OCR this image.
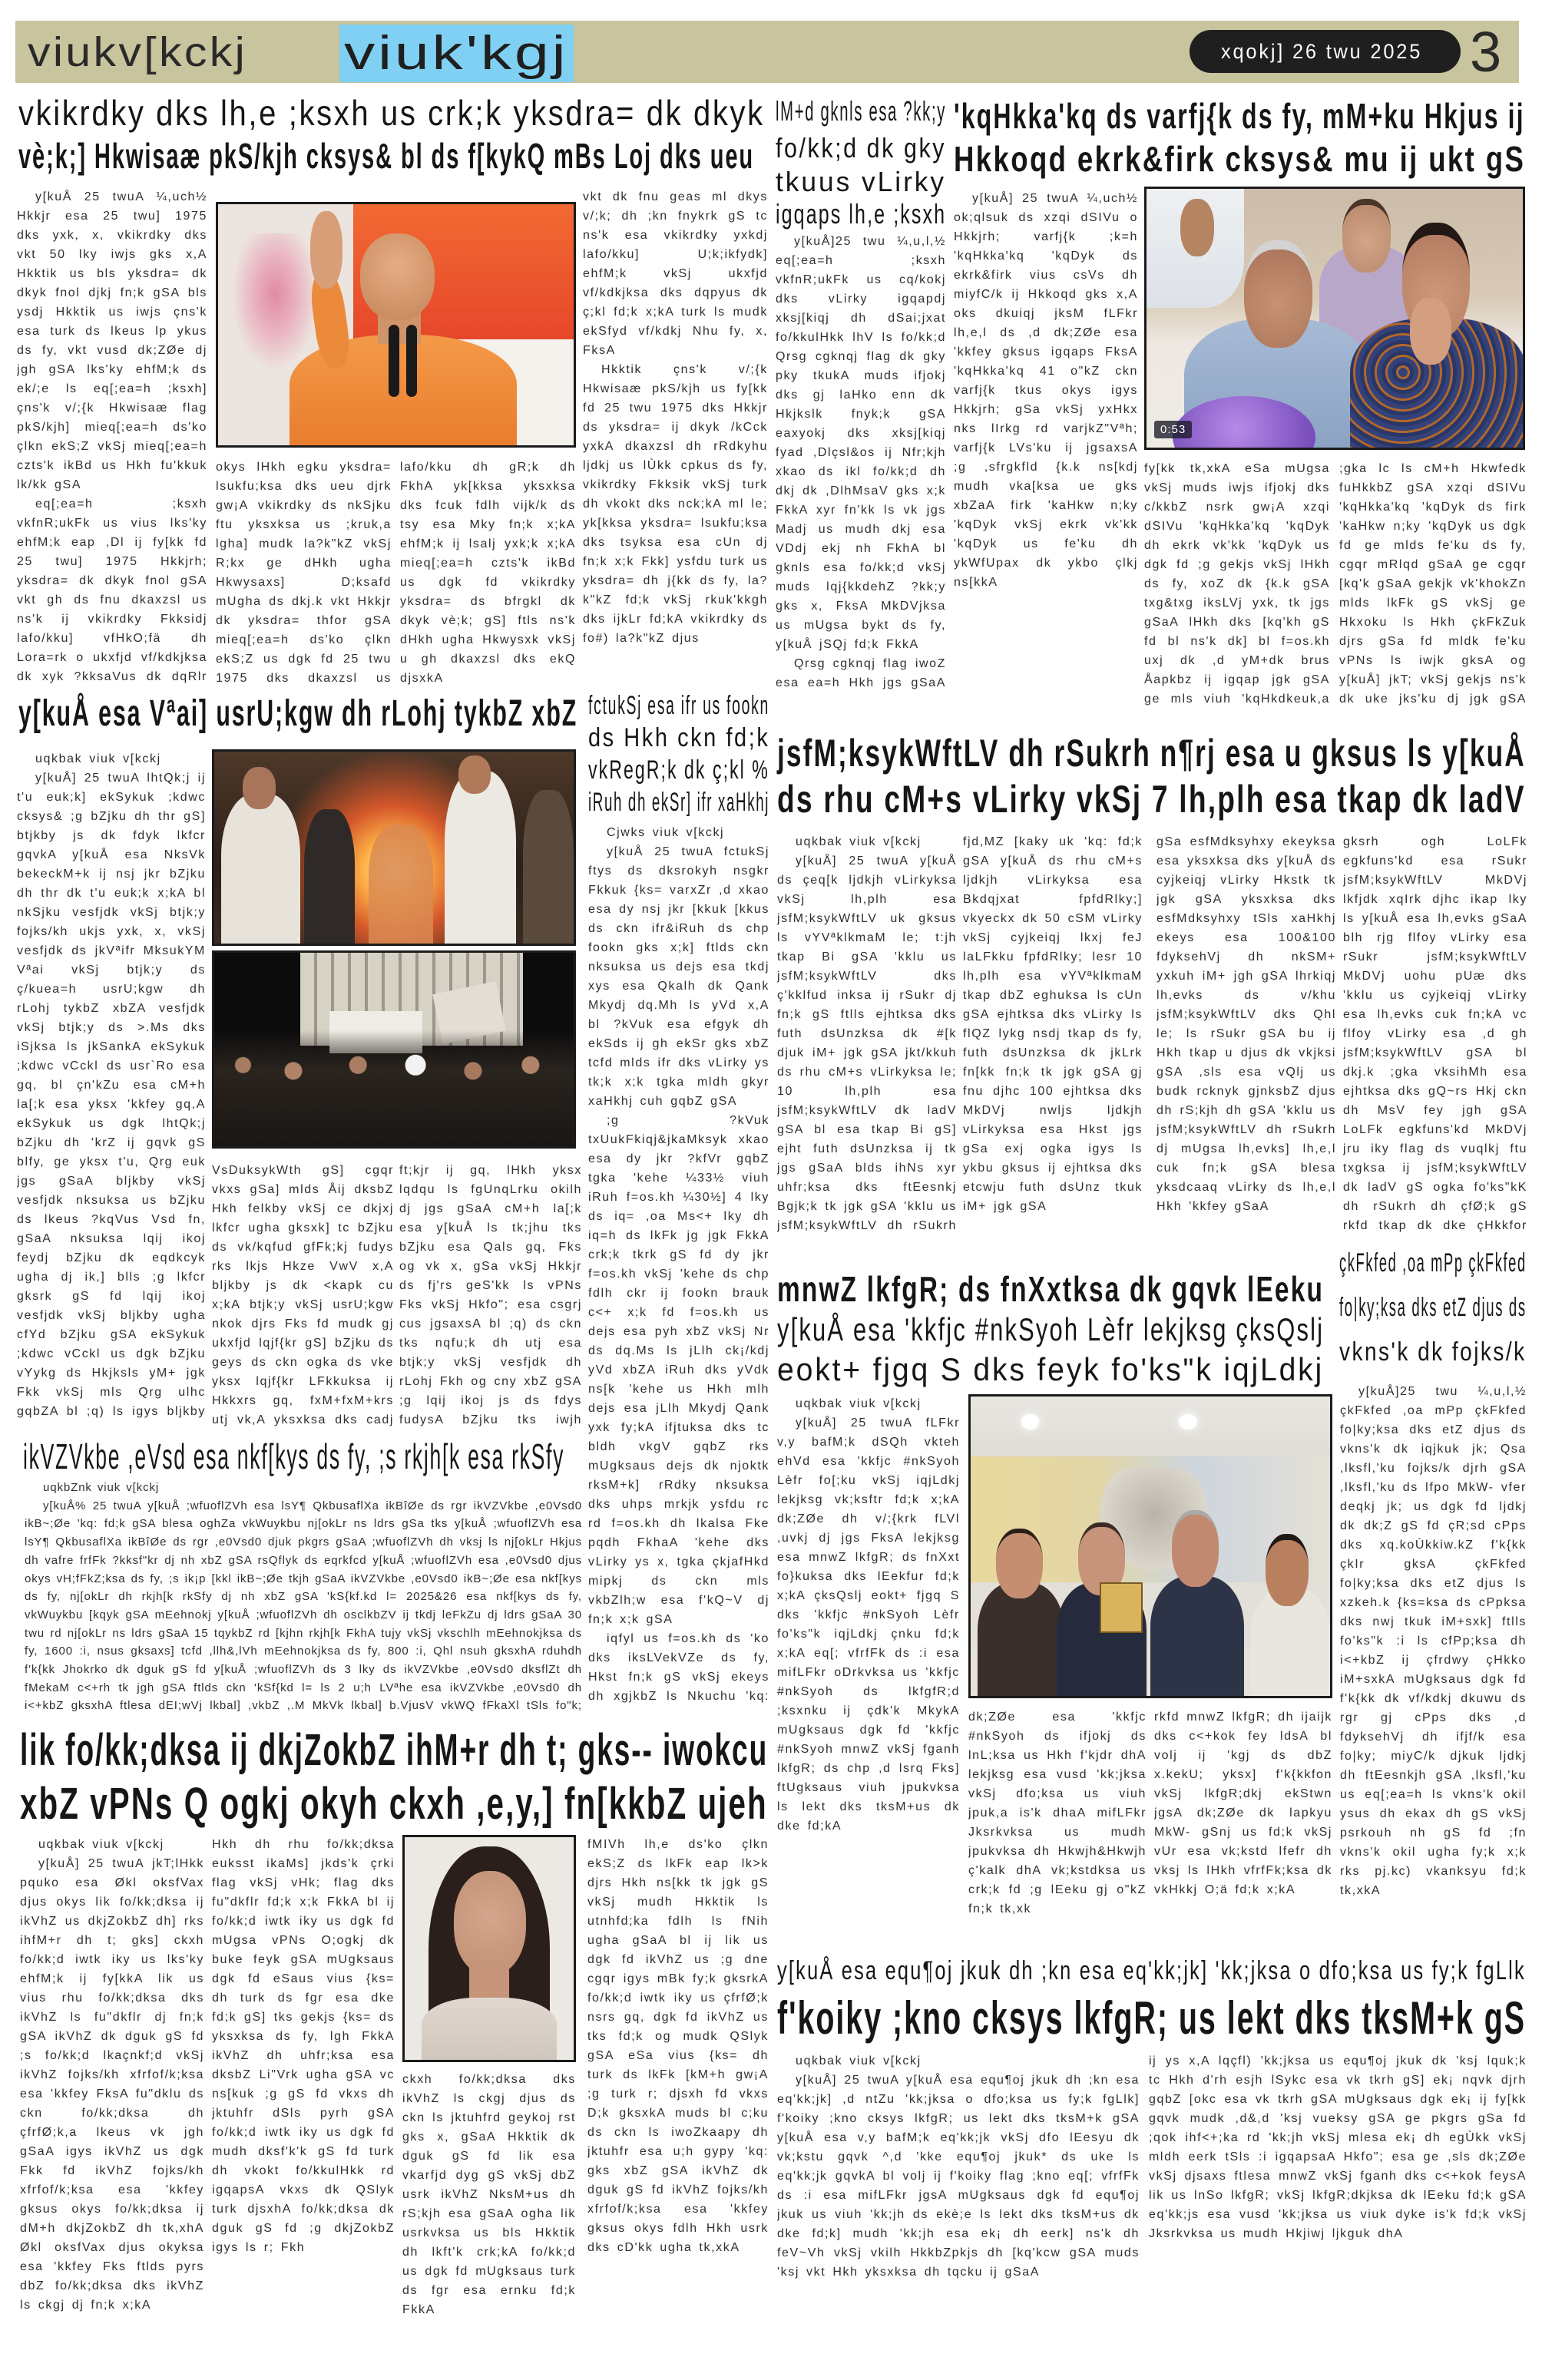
viukv[kckj viuk'kgj	xqokj] 26 twu 2025 3
vkikrdky dks lh,e ;ksxh us crk;k yksdra= dk dkyk
vè;k;] Hkwisaæ pkS/kjh cksys& bl ds f[kykQ mBs Loj dks ueu

y[kuÅ 25 twuA ¼,uch½ Hkkjr esa 25 twu] 1975 dks yxk, x, vkikrdky dks vkt 50 lky iwjs gks x,A Hkktik us bls yksdra= dk dkyk fnol djkj fn;k gSA bls ysdj Hkktik us iwjs çns'k esa turk ds lkeus lp ykus ds fy, vkt vusd dk;ZØe dj jgh gSA lks'ky ehfM;k ds ek/;e ls eq[;ea=h ;ksxh] çns'k v/;{k Hkwisaæ flag pkS/kjh] mieq[;ea=h ds'ko çlkn ekS;Z vkSj mieq[;ea=h czts'k ikBd us Hkh fu'kkuk lk/kk gSA

eq[;ea=h ;ksxh vkfnR;ukFk us vius lks'ky ehfM;k eap ,Dl ij fy[kk fd 25 twu] 1975 Hkkjrh; yksdra= dk dkyk fnol gSA vkt gh ds fnu dkaxzsl us ns'k ij vkikrdky Fkksidj lafo/kku] vfHkO;fä dh Lora=rk o ukxfjd vf/kdkjksa dk xyk ?kksaVus dk dqRlr

okys lHkh egku yksdra= lsukfu;ksa dks ueu djrk gw¡A vkikrdky ds nkSjku ftu yksxksa us ;kruk,a lgha] mudk la?k"kZ vkSj R;kx ge dHkh ugha Hkwysaxs] D;ksafd mUgha ds dkj.k vkt Hkkjr dk yksdra= thfor gSA mieq[;ea=h ds'ko çlkn ekS;Z us dgk fd 25 twu 1975 dks dkaxzsl us

lafo/kku dh gR;k dh FkhA yk[kksa yksxksa dks fcuk fdlh vijk/k ds tsy esa Mky fn;k x;kA ehfM;k ij lsalj yxk;k x;kA mieq[;ea=h czts'k ikBd us dgk fd vkikrdky yksdra= ds bfrgkl dk dkyk vè;k; gS] ftls ns'k dHkh ugha Hkwysxk vkSj u gh dkaxzsl dks ekQ djsxkA

vkt dk fnu geas ml dkys v/;k; dh ;kn fnykrk gS tc ns'k esa vkikrdky yxkdj lafo/kku] U;k;ikfydk] ehfM;k vkSj ukxfjd vf/kdkjksa dks dqpyus dk ç;kl fd;k x;kA turk ls mudk ekSfyd vf/kdkj Nhu fy, x, FksA

Hkktik çns'k v/;{k Hkwisaæ pkS/kjh us fy[kk fd 25 twu 1975 dks Hkkjr ds yksdra= ij dkyk /kCck yxkA dkaxzsl dh rRdkyhu ljdkj us lÙkk cpkus ds fy, vkikrdky Fkksik vkSj turk dh vkokt dks nck;kA ml le; yk[kksa yksdra= lsukfu;ksa dks tsyksa esa cUn dj fn;k x;k Fkk] ysfdu turk us yksdra= dh j{kk ds fy, la?k"kZ fd;k vkSj rkuk'kkgh dks ijkLr fd;kA vkikrdky ds fo#) la?k"kZ djus

lM+d gknls esa ?kk;y
fo/kk;d dk gky
tkuus vLirky
igqaps lh,e ;ksxh

y[kuÅ]25 twu ¼,u,l,½ eq[;ea=h ;ksxh vkfnR;ukFk us cq/kokj dks vLirky igqapdj xksj[kiqj dh dSai;jxat fo/kkulHkk lhV ls fo/kk;d Qrsg cgknqj flag dk gky pky tkukA muds ifjokj dks gj laHko enn dk Hkjkslk fnyk;k gSA eaxyokj dks xksj[kiqj fyad ,Dlçsl&os ij Nfr;kjh xkao ds ikl fo/kk;d dh dkj dk ,DlhMsaV gks x;k FkkA xyr fn'kk ls vk jgs Madj us mudh dkj esa VDdj ekj nh FkhA bl gknls esa fo/kk;d vkSj muds lqj{kkdehZ ?kk;y gks x, FksA MkDVjksa us mUgsa bykt ds fy, y[kuÅ jSQj fd;k FkkA

Qrsg cgknqj flag iwoZ esa ea=h Hkh jgs gSaA

'kqHkka'kq ds varfj{k ds fy, mM+ku Hkjus ij
Hkkoqd ekrk&firk cksys& mu ij ukt gS

y[kuÅ] 25 twuA ¼,uch½ ok;qlsuk ds xzqi dSIVu o Hkkjrh; varfj{k ;k=h 'kqHkka'kq 'kqDyk ds ekrk&firk vius csVs dh miyfC/k ij Hkkoqd gks x,A oks dkuiqj jksM fLFkr lh,e,l ds ,d dk;ZØe esa 'kkfey gksus igqaps FksA 'kqHkka'kq 41 o"kZ ckn varfj{k tkus okys igys Hkkjrh; gSa vkSj yxHkx nks lIrkg rd varjkZ"Vªh; varfj{k LVs'ku ij jgsaxsA ;g ,sfrgkfld {k.k ns[kdj mudh vka[ksa ue gks xbZaA firk 'kaHkw n;ky 'kqDyk vkSj ekrk vk'kk 'kqDyk us fe'ku dh ykWfUpax dk ykbo çlkj ns[kkA

0:53

fy[kk tk,xkA eSa mUgsa vkSj muds iwjs ifjokj dks c/kkbZ nsrk gw¡A xzqi dSIVu 'kqHkka'kq 'kqDyk dh ekrk vk'kk 'kqDyk us dgk fd ;g gekjs vkSj lHkh ds fy, xoZ dk {k.k gSA txg&txg iksLVj yxk, tk jgs gSaA lHkh dks [kq'kh gS fd bl ns'k dk] bl f=os.kh uxj dk ,d yM+dk brus Åapkbz ij igqap jgk gSA ge mls viuh 'kqHkdkeuk,a

;gka lc ls cM+h Hkwfedk fuHkkbZ gSA xzqi dSIVu 'kqHkka'kq 'kqDyk ds firk 'kaHkw n;ky 'kqDyk us dgk fd ge mlds fe'ku ds fy, cgqr mRlqd gSaA ge cgqr [kq'k gSaA gekjk vk'khokZn mlds lkFk gS vkSj ge Hkxoku ls Hkh çkFkZuk djrs gSa fd mldk fe'ku vPNs ls iwjk gksA og y[kuÅ] jkT; vkSj gekjs ns'k dk uke jks'ku dj jgk gSA

y[kuÅ esa Vªai] usrU;kgw dh rLohj tykbZ xbZ

uqkbak viuk v[kckj

y[kuÅ] 25 twuA lhtQk;j ij t'u euk;k] ekSykuk ;kdwc cksys& ;g bZjku dh thr gS] btjkby js dk fdyk lkfcr gqvkA y[kuÅ esa NksVk bekeckM+k ij nsj jkr bZjku dh thr dk t'u euk;k x;kA bl nkSjku vesfjdk vkSj btjk;y fojks/kh ukjs yxk, x, vkSj vesfjdk ds jkVªifr MksukYM Vªai vkSj btjk;y ds ç/kuea=h usrU;kgw dh rLohj tykbZ xbZA vesfjdk vkSj btjk;y ds >.Ms dks iSjksa ls jkSankA ekSykuk ;kdwc vCckl ds usr`Ro esa gq, bl çn'kZu esa cM+h la[;k esa yksx 'kkfey gq,A ekSykuk us dgk lhtQk;j bZjku dh 'krZ ij gqvk gS blfy, ge yksx t'u, Qrg euk jgs gSaA bljkby vkSj vesfjdk nksuksa us bZjku ds lkeus ?kqVus Vsd fn, gSaA nksuksa lqij ikoj feydj bZjku dk eqdkcyk ugha dj ik,] blls ;g lkfcr gksrk gS fd lqij ikoj vesfjdk vkSj bljkby ugha cfYd bZjku gSA ekSykuk ;kdwc vCckl us dgk bZjku vYykg ds Hkjksls yM+ jgk Fkk vkSj mls Qrg ulhc gqbZA bl ;q) ls igys bljkby

VsDuksykWth gS] cgqr vkxs gSa] mlds Åij dksbZ Hkh felkby vkSj ce dkjxj lkfcr ugha gksxk] tc bZjku ds vk/kqfud gfFk;kj fudys rks lkjs Hkze VwV x,A bljkby js dk <kapk cu x;kA btjk;y vkSj usrU;kgw nkok djrs Fks fd mudk gj ukxfjd lqjf{kr gS] bZjku ds geys ds ckn ogka ds vke yksx lqjf{kr LFkkuksa ij Hkkxrs gq, fxM+fxM+krs utj vk,A yksxksa dks cadj

ft;kjr ij gq, lHkh yksx lqdqu ls fgUnqLrku okilh dj jgs gSaA cM+h la[;k esa y[kuÅ ls tk;jhu tks bZjku esa Qals gq, Fks og vk x, gSa vkSj Hkkjr ds fj'rs geS'kk ls vPNs Fks vkSj Hkfo"; esa csgrj cus jgsaxsA bl ;q) ds ckn tks nqfu;k dh utj esa btjk;y vkSj vesfjdk dh rLohj Fkh og cny xbZ gSA ;g lqij ikoj js ds fdys fudysA bZjku tks iwjh

fctukSj esa ifr us fookn
ds Hkh ckn fd;k
vkRegR;k dk ç;kl %
iRuh dh ekSr] ifr xaHkhj

Cjwks viuk v[kckj

y[kuÅ 25 twuA fctukSj ftys ds dksrokyh nsgkr Fkkuk {ks= varxZr ,d xkao esa dy nsj jkr [kkuk [kkus ds ckn ifr&iRuh ds chp fookn gks x;k] ftlds ckn nksuksa us dejs esa tkdj xys esa Qkalh dk Qank Mkydj dq.Mh ls yVd x,A bl ?kVuk esa efgyk dh ekSds ij gh ekSr gks xbZ tcfd mlds ifr dks vLirky ys tk;k x;k tgka mldh gkyr xaHkhj cuh gqbZ gSA

;g ?kVuk txUukFkiqj&jkaMksyk xkao esa dy jkr ?kfVr gqbZ tgka 'kehe ¼33½ viuh iRuh f=os.kh ¼30½] 4 lky ds iq= ,oa Ms<+ lky dh iq=h ds lkFk jg jgk FkkA crk;k tkrk gS fd dy jkr f=os.kh vkSj 'kehe ds chp fdlh ckr ij fookn brauk c<+ x;k fd f=os.kh us dejs esa pyh xbZ vkSj Nr ds dq.Ms ls jLlh ck¡/kdj yVd xbZA iRuh dks yVdk ns[k 'kehe us Hkh mlh dejs esa jLlh Mkydj Qank yxk fy;kA ifjtuksa dks tc bldh vkgV gqbZ rks mUgksaus dejs dk njoktk rksM+k] rRdky nksuksa dks uhps mrkjk ysfdu rc rd f=os.kh dh lkalsa Fke pqdh FkhaA 'kehe dks vLirky ys x, tgka çkjafHkd mipkj ds ckn mls vkbZlh;w esa f'kQ~V dj fn;k x;k gSA

iqfyl us f=os.kh ds 'ko dks iksLVekVZe ds fy, Hkst fn;k gS vkSj ekeys dh xgjkbZ ls Nkuchu 'kq:

jsfM;ksykWftLV dh rSukrh n¶rj esa u gksus ls y[kuÅ
ds rhu cM+s vLirky vkSj 7 lh,plh esa tkap dk ladV

uqkbak viuk v[kckj

y[kuÅ] 25 twuA y[kuÅ ds çeq[k ljdkjh vLirkyksa vkSj lh,plh esa jsfM;ksykWftLV uk gksus ls vYVªklkmaM le; t:jh tkap Bi gSA 'kklu us jsfM;ksykWftLV dks ç'kklfud inksa ij rSukr dj fn;k gS ftlls ejhtksa dks futh dsUnzksa dk #[k djuk iM+ jgk gSA jkt/kkuh ds rhu cM+s vLirkyksa le; 10 lh,plh esa jsfM;ksykWftLV dk ladV gSA bl esa tkap Bi gS] ejht futh dsUnzksa ij tk jgs gSaA blds ihNs xyr uhfr;ksa dks ftEesnkj Bgjk;k tk jgk gSA 'kklu us jsfM;ksykWftLV dh rSukrh

fjd,MZ [kaky uk 'kq: fd;k gSA y[kuÅ ds rhu cM+s ljdkjh vLirkyksa esa Bkdqjxat fpfdRlky;] vkyeckx dk 50 cSM vLirky vkSj cyjkeiqj lkxj feJ laLFkku fpfdRlky; lesr 10 lh,plh esa vYVªklkmaM tkap dbZ eghuksa ls cUn gSA ejhtksa dks vLirky ls flQZ lykg nsdj tkap ds fy, futh dsUnzksa dk jkLrk fn[kk fn;k tk jgk gSA gj fnu djhc 100 ejhtksa dks MkDVj nwljs ljdkjh vLirkyksa esa Hkst jgs gSa exj ogka igys ls ykbu gksus ij ejhtksa dks etcwju futh dsUnz tkuk iM+ jgk gSA

gSa esfMdksyhxy ekeyksa esa yksxksa dks y[kuÅ ds cyjkeiqj vLirky Hkstk tk jgk gSA yksxksa dks esfMdksyhxy tSls xaHkhj ekeys esa 100&100 fdyksehVj dh nkSM+ yxkuh iM+ jgh gSA lhrkiqj lh,evks ds v/khu jsfM;ksykWftLV dks Qhl le; ls rSukr gSA bu ij Hkh tkap u djus dk vkjksi gSA ,sls esa vQlj us budk rcknyk gjnksbZ djus dh rS;kjh dh gSA 'kklu us jsfM;ksykWftLV dh rSukrh dj mUgsa lh,evks] lh,e,l cuk fn;k gSA blesa yksdcaaq vLirky ds lh,e,l Hkh 'kkfey gSaA

gksrh ogh LoLFk egkfuns'kd esa rSukr jsfM;ksykWftLV MkDVj lkfjdk xqIrk djhc ikap lky ls y[kuÅ esa lh,evks gSaA blh rjg flfoy vLirky esa rSukr jsfM;ksykWftLV MkDVj uohu pUæ dks 'kklu us cyjkeiqj vLirky esa lh,evks cuk fn;kA vc flfoy vLirky esa ,d gh jsfM;ksykWftLV gSA bl dkj.k ;gka vksihMh esa ejhtksa dks gQ~rs Hkj ckn dh MsV fey jgh gSA LoLFk egkfuns'kd MkDVj jru iky flag ds vuqlkj ftu txgksa ij jsfM;ksykWftLV dk ladV gS ogka fo'ks"kK dh rSukrh dh çfØ;k gS rkfd tkap dk dke çHkkfor

ikVZVkbe ,eVsd esa nkf[kys ds fy, ;s rkjh[k esa rkSfy

uqkbZnk viuk v[kckj

y[kuÅ% 25 twuA y[kuÅ ;wfuoflZVh esa lsY¶ QkbusaflXa ikBîØe ds rgr ikVZVkbe ,e0Vsd0 ikB~;Øe 'kq: fd;k gSA blesa oghZa vkWuykbu nj[okLr ns ldrs gSa tks y[kuÅ ;wfuoflZVh esa lsY¶ QkbusaflXa ikBîØe ds rgr ,e0Vsd0 djuk pkgrs gSaA ;wfuoflZVh dh vksj ls nj[okLr Hkjus dh vafre frfFk ?kksf"kr dj nh xbZ gSA rsQflyk ds eqrkfcd y[kuÅ ;wfuoflZVh esa ,e0Vsd0 djus okys vH;fFkZ;ksa ds fy, ;s ik¡p [kkl ikB~;Øe tkjh gSaA ikVZVkbe ,e0Vsd0 ikB~;Øe esa nkf[kys ds fy, nj[okLr dh rkjh[k rkSfy dj nh xbZ gSA 'kS{kf.kd l= 2025&26 esa nkf[kys ds fy, vkWuykbu [kqyk gSA mEehnokj y[kuÅ ;wfuoflZVh dh osclkbZV ij tkdj leFkZu dj ldrs gSaA 30 twu rd nj[okLr ns ldrs gSaA 15 tqykbZ rd [kjhn rkjh[k FkhA tujy vkSj vkschlh mEehnokjksa ds fy, 1600 :i, nsus gksaxs] tcfd ,llh&,lVh mEehnokjksa ds fy, 800 :i, Qhl nsuh gksxhA rduhdh f'k{kk Jhokrko dk dguk gS fd y[kuÅ ;wfuoflZVh ds 3 lky ds ikVZVkbe ,e0Vsd0 dksflZt dh fMekaM c<+rh tk jgh gSA ftlds ckn 'kSf{kd l= ls 2 u;h LVªhe esa ikVZVkbe ,e0Vsd0 dh i<+kbZ gksxhA ftlesa dEI;wVj lkbal] ,vkbZ ,.M MkVk lkbal] b.VjusV vkWQ fFkaXl tSls fo"k;

mnwZ lkfgR; ds fnXxtksa dk gqvk lEeku
y[kuÅ esa 'kkfjc #nkSyoh Lèfr lekjksg çksQslj
eokt+ fjgq S dks feyk fo'ks"k iqjLdkj

uqkbak viuk v[kckj

y[kuÅ] 25 twuA fLFkr v,y bafM;k dSQh vkteh ehVd esa 'kkfjc #nkSyoh Lèfr fo[;ku vkSj iqjLdkj lekjksg vk;ksftr fd;k x;kA dk;ZØe dh v/;{krk fLVl ,uvkj dj jgs FksA lekjksg esa mnwZ lkfgR; ds fnXxt fo}kuksa dks lEekfur fd;k x;kA çksQslj eokt+ fjgq S dks 'kkfjc #nkSyoh Lèfr fo'ks"k iqjLdkj çnku fd;k x;kA eq[; vfrfFk ds :i esa mifLFkr oDrkvksa us 'kkfjc #nkSyoh ds lkfgfR;d ;ksxnku ij çdk'k MkykA mUgksaus dgk fd 'kkfjc #nkSyoh mnwZ vkSj fganh lkfgR; ds chp ,d lsrq Fks] ftUgksaus viuh jpukvksa ls lekt dks tksM+us dk dke fd;kA

dk;ZØe esa 'kkfjc #nkSyoh ds ifjokj ds lnL;ksa us Hkh f'kjdr dhA lekjksg esa vusd 'kk;jksa vkSj dfo;ksa us viuh jpuk,a is'k dhaA mifLFkr Jksrkvksa us mudh jpukvksa dh Hkwjh&Hkwjh ç'kalk dhA vk;kstdksa us crk;k fd ;g lEeku gj o"kZ fn;k tk,xk

rkfd mnwZ lkfgR; dh ijaijk dks c<+kok fey ldsA bl volj ij 'kgj ds dbZ x.kekU; yksx] f'k{kkfon vkSj lkfgR;dkj ekStwn jgsA dk;ZØe dk lapkyu MkW- gSnj us fd;k vkSj vUr esa vk;kstd lfefr dh vksj ls lHkh vfrfFk;ksa dk vkHkkj O;ä fd;k x;kA

çkFkfed ,oa mPp çkFkfed
fo|ky;ksa dks etZ djus ds
vkns'k dk fojks/k

y[kuÅ]25 twu ¼,u,l,½ çkFkfed ,oa mPp çkFkfed fo|ky;ksa dks etZ djus ds vkns'k dk iqjkuk jk; Qsa ,lksfl,'ku fojks/k djrh gSA ,lksfl,'ku ds lfpo MkW- vfer deqkj jk; us dgk fd ljdkj dk dk;Z gS fd çR;sd cPps dks xq.koÙkkiw.kZ f'k{kk çkIr gksA çkFkfed fo|ky;ksa dks etZ djus ls xzkeh.k {ks=ksa ds cPpksa dks nwj tkuk iM+sxk] ftlls fo'ks"k :i ls cfPp;ksa dh i<+kbZ ij çfrdwy çHkko iM+sxkA mUgksaus dgk fd f'k{kk dk vf/kdkj dkuwu ds rgr gj cPps dks ,d fdyksehVj dh ifjf/k esa fo|ky; miyC/k djkuk ljdkj dh ftEesnkjh gSA ,lksfl,'ku us eq[;ea=h ls vkns'k okil ysus dh ekax dh gS vkSj psrkouh nh gS fd ;fn vkns'k okil ugha fy;k x;k rks pj.kc) vkanksyu fd;k tk,xkA

lik fo/kk;dksa ij dkjZokbZ ihM+r dh t; gks-- iwokcu
xbZ vPNs Q ogkj okyh ckxh ,e,y,] fn[kkbZ ujeh

uqkbak viuk v[kckj

y[kuÅ] 25 twuA jkT;lHkk pquko esa Økl oksfVax djus okys lik fo/kk;dksa ij ikVhZ us dkjZokbZ dh] rks ihfM+r dh t; gks] ckxh fo/kk;d iwtk iky us lks'ky ehfM;k ij fy[kkA lik us vius rhu fo/kk;dksa dks ikVhZ ls fu"dkflr dj fn;k gSA ikVhZ dk dguk gS fd ;s fo/kk;d lkaçnkf;d vkSj ikVhZ fojks/kh xfrfof/k;ksa esa 'kkfey FksA fu"dklu ds ckn fo/kk;dksa dh çfrfØ;k,a lkeus vk jgh gSaA igys ikVhZ us dgk Fkk fd ikVhZ fojks/kh xfrfof/k;ksa esa 'kkfey gksus okys fo/kk;dksa ij dM+h dkjZokbZ dh tk,xhA Økl oksfVax djus okyksa esa 'kkfey Fks ftlds pyrs dbZ fo/kk;dksa dks ikVhZ ls ckgj dj fn;k x;kA

Hkh dh rhu fo/kk;dksa euksst ikaMs] jkds'k çrki flag vkSj vHk; flag dks fu"dkflr fd;k x;k FkkA bl ij fo/kk;d iwtk iky us dgk fd mUgsa vPNs O;ogkj dk buke feyk gSA mUgksaus dgk fd eSaus vius {ks= dh turk ds fgr esa dke fd;k gS] tks gekjs {ks= ds yksxksa ds fy, lgh FkkA ikVhZ dh uhfr;ksa esa dksbZ Li"Vrk ugha gSA vc ns[kuk ;g gS fd vkxs dh jktuhfr dSls pyrh gSA fo/kk;d iwtk iky us dgk fd mudh dksf'k'k gS fd turk dh vkokt fo/kkulHkk rd igqapsA vkxs dk QSlyk turk djsxhA fo/kk;dksa dk dguk gS fd ;g dkjZokbZ igys ls r; Fkh

ckxh fo/kk;dksa dks ikVhZ ls ckgj djus ds ckn ls jktuhfrd geykoj rst gks x, gSaA Hkktik dk dguk gS fd lik esa vkarfjd dyg gS vkSj dbZ usrk ikVhZ NksM+us dh rS;kjh esa gSaA ogha lik usrkvksa us bls Hkktik dh lkft'k crk;kA fo/kk;d us dgk fd mUgksaus turk ds fgr esa ernku fd;k FkkA

fMIVh lh,e ds'ko çlkn ekS;Z ds lkFk eap lk>k djrs Hkh ns[kk tk jgk gS vkSj mudh Hkktik ls utnhfd;ka fdlh ls fNih ugha gSaA bl ij lik us dgk fd ikVhZ us ;g dne cgqr igys mBk fy;k gksrkA fo/kk;d iwtk iky us çfrfØ;k nsrs gq, dgk fd ikVhZ us tks fd;k og mudk QSlyk gSA eSa vius {ks= dh turk ds lkFk [kM+h gw¡A ;g turk r; djsxh fd vkxs D;k gksxkA muds bl c;ku ds ckn ls iwoZkaapy dh jktuhfr esa u;h gypy 'kq: gks xbZ gSA ikVhZ dk dguk gS fd ikVhZ fojks/kh xfrfof/k;ksa esa 'kkfey gksus okys fdlh Hkh usrk dks cD'kk ugha tk,xkA

y[kuÅ esa equ¶oj jkuk dh ;kn esa eq'kk;jk] 'kk;jksa o dfo;ksa us fy;k fgLlk
f'koiky ;kno cksys lkfgR; us lekt dks tksM+k gS

uqkbak viuk v[kckj

y[kuÅ] 25 twuA y[kuÅ esa equ¶oj jkuk dh ;kn esa eq'kk;jk] ,d ntZu 'kk;jksa o dfo;ksa us fy;k fgLlk] f'koiky ;kno cksys lkfgR; us lekt dks tksM+k gSA y[kuÅ esa v,y bafM;k eq'kk;jk vkSj dfo lEesyu dk vk;kstu gqvk ^,d 'kke equ¶oj jkuk* ds uke ls eq'kk;jk gqvkA bl volj ij f'koiky flag ;kno eq[; vfrfFk ds :i esa mifLFkr jgsA mUgksaus dgk fd equ¶oj jkuk us viuh 'kk;jh ds ekè;e ls lekt dks tksM+us dk dke fd;k] mudh 'kk;jh esa ek¡ dh eerk] ns'k dh feV~Vh vkSj vkilh HkkbZpkjs dh [kq'kcw gSA muds 'ksj vkt Hkh yksxksa dh tqcku ij gSaA

ij ys x,A lqçfl) 'kk;jksa us equ¶oj jkuk dk 'ksj lquk;k tc Hkh d'rh esjh lSykc esa vk tkrh gS] ek¡ nqvk djrh gqbZ [okc esa vk tkrh gSA mUgksaus dgk ek¡ ij fy[kk gqvk mudk ,d&,d 'ksj vueksy gSA ge pkgrs gSa fd ;qok ihf<+;ka rd 'kk;jh vkSj mlesa ek¡ dh egÙkk vkSj mldh eerk tSls :i igqapsaA Hkfo"; esa ge ,sls dk;ZØe vkSj djsaxs ftlesa mnwZ vkSj fganh dks c<+kok feysA lik us lnSo lkfgR; vkSj lkfgR;dkjksa dk lEeku fd;k gSA eq'kk;js esa vusd 'kk;jksa us viuk dyke is'k fd;k vkSj Jksrkvksa us mudh Hkjiwj ljkguk dhA
